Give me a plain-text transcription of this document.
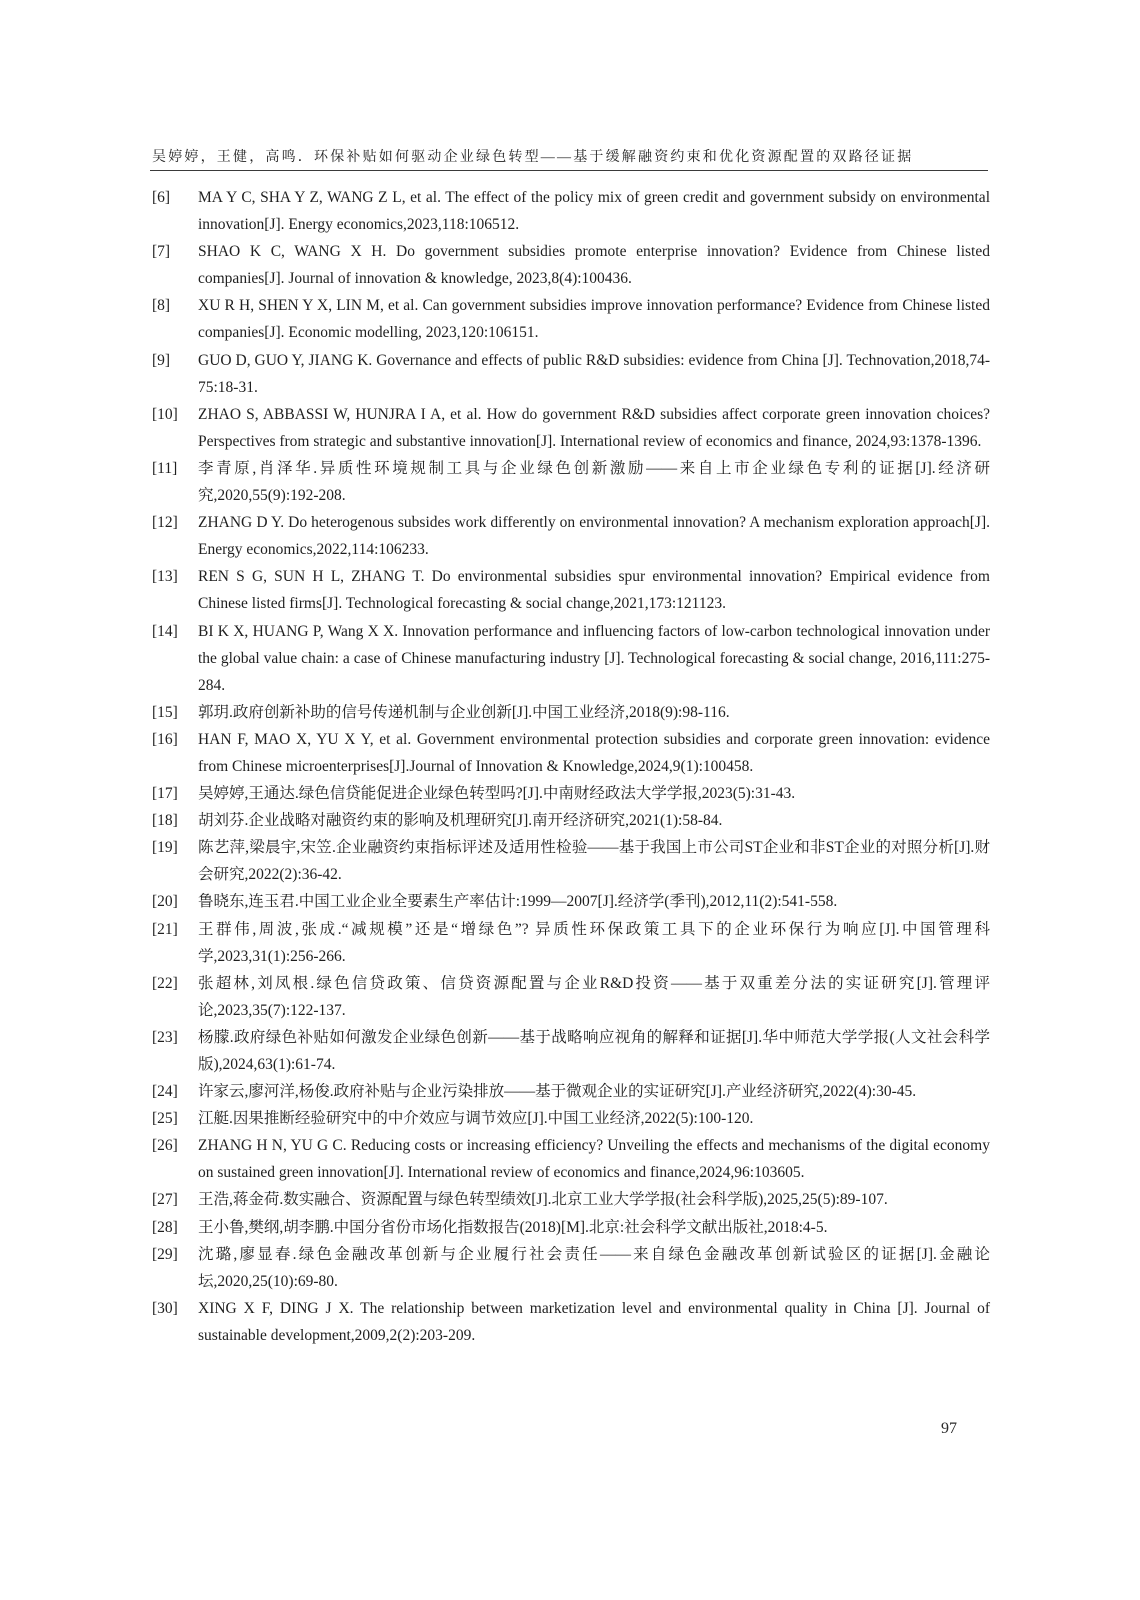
吴婷婷，王健，高鸣．环保补贴如何驱动企业绿色转型——基于缓解融资约束和优化资源配置的双路径证据
[6]	MA Y C, SHA Y Z, WANG Z L, et al. The effect of the policy mix of green credit and government subsidy on environmental innovation[J]. Energy economics,2023,118:106512.
[7]	SHAO K C, WANG X H. Do government subsidies promote enterprise innovation? Evidence from Chinese listed companies[J]. Journal of innovation & knowledge, 2023,8(4):100436.
[8]	XU R H, SHEN Y X, LIN M, et al. Can government subsidies improve innovation performance? Evidence from Chinese listed companies[J]. Economic modelling, 2023,120:106151.
[9]	GUO D, GUO Y, JIANG K. Governance and effects of public R&D subsidies: evidence from China [J]. Technovation,2018,74-75:18-31.
[10]	ZHAO S, ABBASSI W, HUNJRA I A, et al. How do government R&D subsidies affect corporate green innovation choices? Perspectives from strategic and substantive innovation[J]. International review of economics and finance, 2024,93:1378-1396.
[11]	李青原,肖泽华.异质性环境规制工具与企业绿色创新激励——来自上市企业绿色专利的证据[J].经济研究,2020,55(9):192-208.
[12]	ZHANG D Y. Do heterogenous subsides work differently on environmental innovation? A mechanism exploration approach[J]. Energy economics,2022,114:106233.
[13]	REN S G, SUN H L, ZHANG T. Do environmental subsidies spur environmental innovation? Empirical evidence from Chinese listed firms[J]. Technological forecasting & social change,2021,173:121123.
[14]	BI K X, HUANG P, Wang X X. Innovation performance and influencing factors of low-carbon technological innovation under the global value chain: a case of Chinese manufacturing industry [J]. Technological forecasting & social change, 2016,111:275-284.
[15]	郭玥.政府创新补助的信号传递机制与企业创新[J].中国工业经济,2018(9):98-116.
[16]	HAN F, MAO X, YU X Y, et al. Government environmental protection subsidies and corporate green innovation: evidence from Chinese microenterprises[J].Journal of Innovation & Knowledge,2024,9(1):100458.
[17]	吴婷婷,王通达.绿色信贷能促进企业绿色转型吗?[J].中南财经政法大学学报,2023(5):31-43.
[18]	胡刘芬.企业战略对融资约束的影响及机理研究[J].南开经济研究,2021(1):58-84.
[19]	陈艺萍,梁晨宇,宋笠.企业融资约束指标评述及适用性检验——基于我国上市公司ST企业和非ST企业的对照分析[J].财会研究,2022(2):36-42.
[20]	鲁晓东,连玉君.中国工业企业全要素生产率估计:1999—2007[J].经济学(季刊),2012,11(2):541-558.
[21]	王群伟,周波,张成.“减规模”还是“增绿色”? 异质性环保政策工具下的企业环保行为响应[J].中国管理科学,2023,31(1):256-266.
[22]	张超林,刘凤根.绿色信贷政策、信贷资源配置与企业R&D投资——基于双重差分法的实证研究[J].管理评论,2023,35(7):122-137.
[23]	杨朦.政府绿色补贴如何激发企业绿色创新——基于战略响应视角的解释和证据[J].华中师范大学学报(人文社会科学版),2024,63(1):61-74.
[24]	许家云,廖河洋,杨俊.政府补贴与企业污染排放——基于微观企业的实证研究[J].产业经济研究,2022(4):30-45.
[25]	江艇.因果推断经验研究中的中介效应与调节效应[J].中国工业经济,2022(5):100-120.
[26]	ZHANG H N, YU G C. Reducing costs or increasing efficiency? Unveiling the effects and mechanisms of the digital economy on sustained green innovation[J]. International review of economics and finance,2024,96:103605.
[27]	王浩,蒋金荷.数实融合、资源配置与绿色转型绩效[J].北京工业大学学报(社会科学版),2025,25(5):89-107.
[28]	王小鲁,樊纲,胡李鹏.中国分省份市场化指数报告(2018)[M].北京:社会科学文献出版社,2018:4-5.
[29]	沈璐,廖显春.绿色金融改革创新与企业履行社会责任——来自绿色金融改革创新试验区的证据[J].金融论坛,2020,25(10):69-80.
[30]	XING X F, DING J X. The relationship between marketization level and environmental quality in China [J]. Journal of sustainable development,2009,2(2):203-209.
97
